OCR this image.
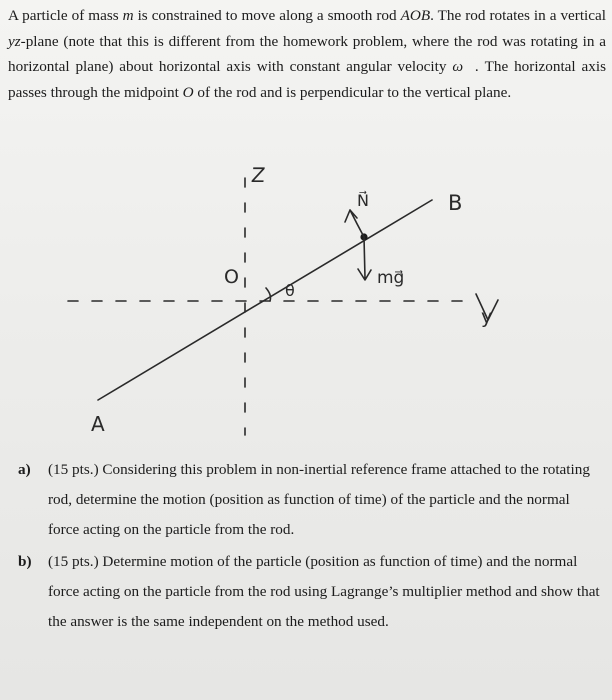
A particle of mass m is constrained to move along a smooth rod AOB. The rod rotates in a vertical yz-plane (note that this is different from the homework problem, where the rod was rotating in a horizontal plane) about horizontal axis with constant angular velocity ω⃗. The horizontal axis passes through the midpoint O of the rod and is perpendicular to the vertical plane.

Z
O
θ
y
A
B
N⃗
mg⃗
a) (15 pts.) Considering this problem in non-inertial reference frame attached to the rotating rod, determine the motion (position as function of time) of the particle and the normal force acting on the particle from the rod.
b) (15 pts.) Determine motion of the particle (position as function of time) and the normal force acting on the particle from the rod using Lagrange’s multiplier method and show that the answer is the same independent on the method used.
